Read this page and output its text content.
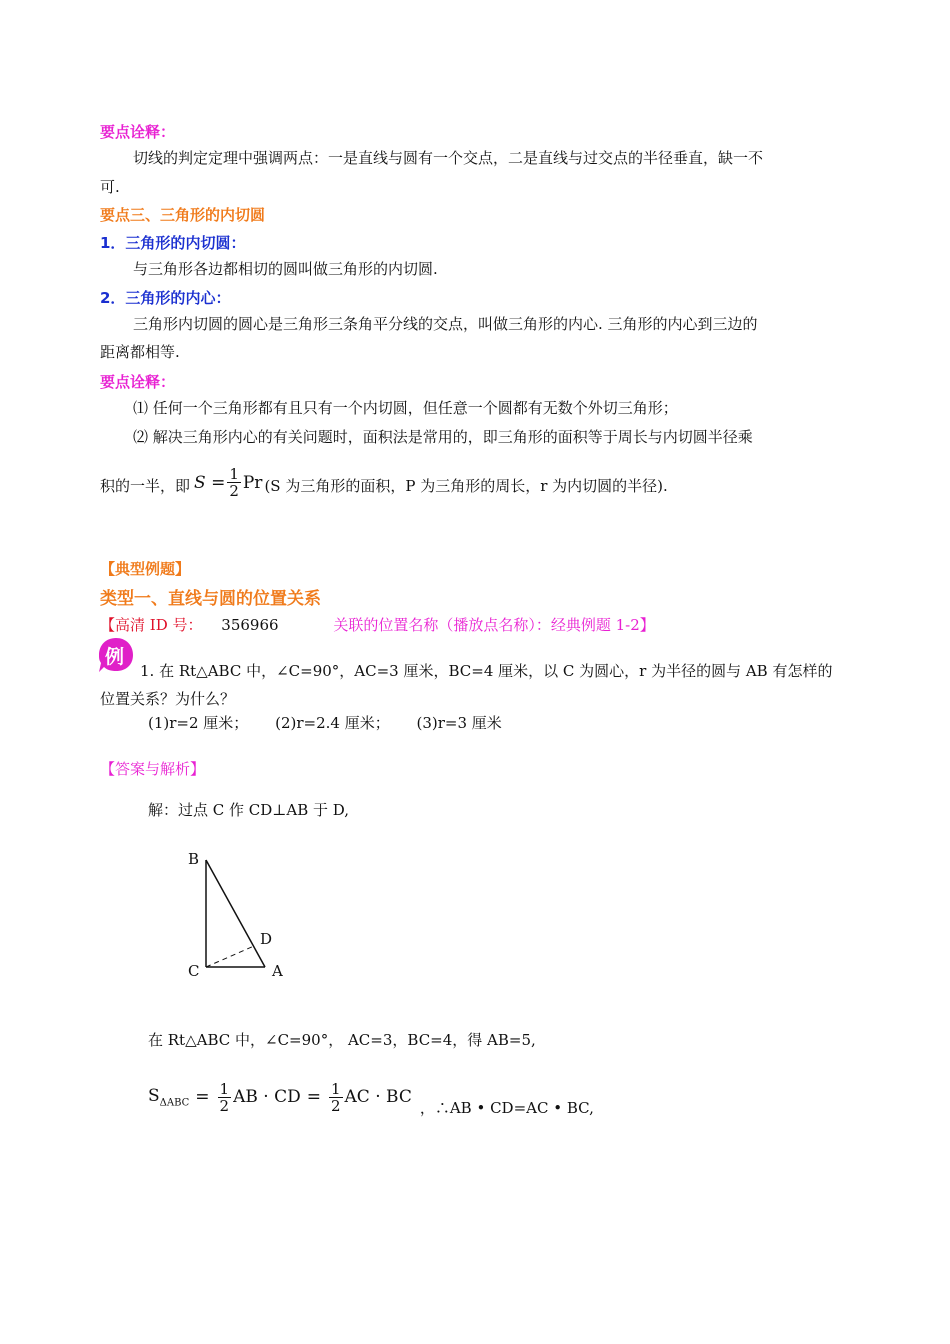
要点诠释：
切线的判定定理中强调两点：一是直线与圆有一个交点，二是直线与过交点的半径垂直，缺一不
可.
要点三、三角形的内切圆
1．三角形的内切圆：
与三角形各边都相切的圆叫做三角形的内切圆.
2．三角形的内心：
三角形内切圆的圆心是三角形三条角平分线的交点，叫做三角形的内心. 三角形的内心到三边的
距离都相等.
要点诠释：
⑴ 任何一个三角形都有且只有一个内切圆，但任意一个圆都有无数个外切三角形；
⑵ 解决三角形内心的有关问题时，面积法是常用的，即三角形的面积等于周长与内切圆半径乘
积的一半，即 $S = \frac{1}{2}$ Pr (S 为三角形的面积，P 为三角形的周长，r 为内切圆的半径).
【典型例题】
类型一、直线与圆的位置关系
【高清 ID 号： 356966	关联的位置名称（播放点名称）：经典例题 1-2】
例
1. 在 Rt△ABC 中，∠C=90°，AC=3 厘米，BC=4 厘米，以 C 为圆心，r 为半径的圆与 AB 有怎样的
位置关系？为什么？
(1)r=2 厘米； (2)r=2.4 厘米； (3)r=3 厘米
【答案与解析】
解：过点 C 作 CD⊥AB 于 D,
B
D
C	A
在 Rt△ABC 中，∠C=90°， AC=3，BC=4，得 AB=5,
$S_{\Delta ABC} = \frac{1}{2}$ AB · CD = $\frac{1}{2}$ AC · BC
，∴AB • CD=AC • BC,
